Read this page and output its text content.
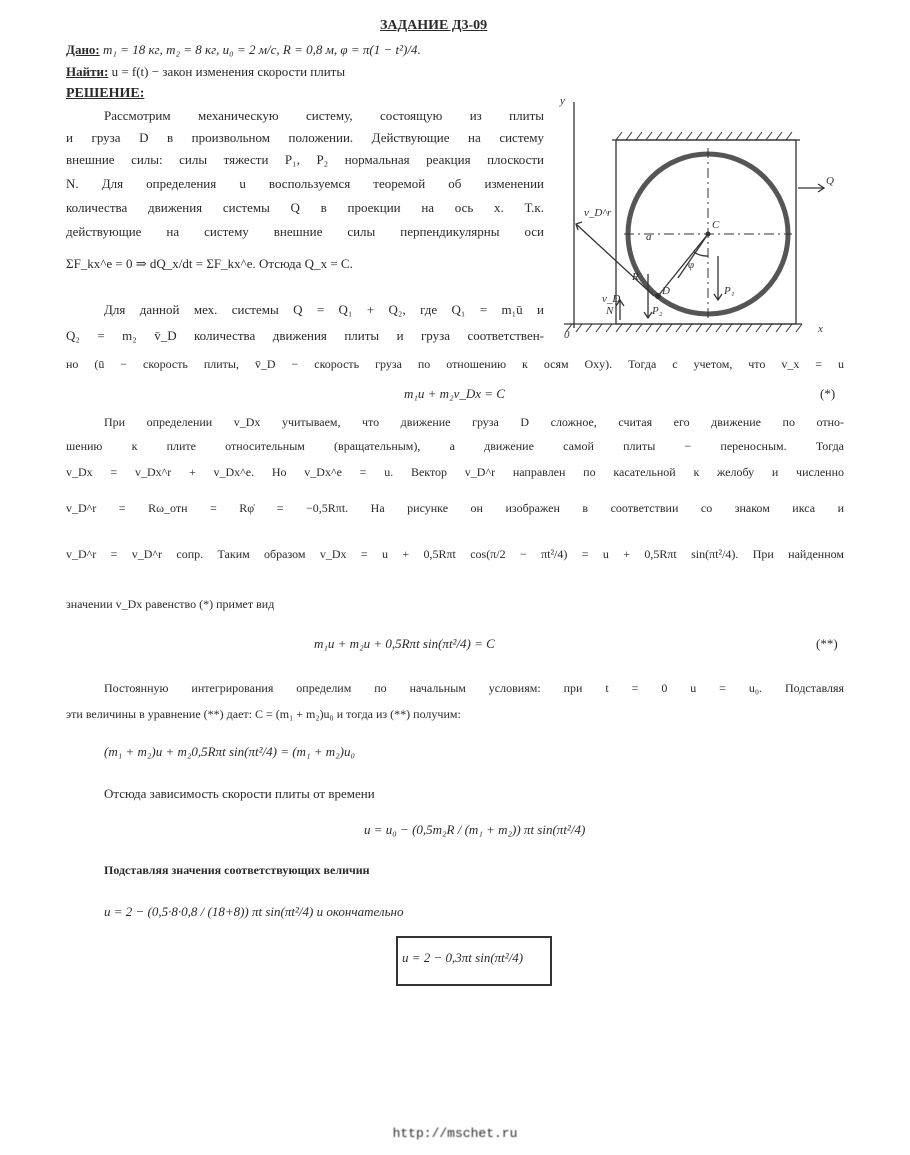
ЗАДАНИЕ Д3-09
Дано: m₁ = 18 кг, m₂ = 8 кг, u₀ = 2 м/с, R = 0,8 м, φ = π(1 − t²)/4.
Найти: u = f(t) − закон изменения скорости плиты
РЕШЕНИЕ:
Рассмотрим механическую систему, состоящую из плиты
и груза D в произвольном положении. Действующие на систему
внешние силы: силы тяжести P₁, P₂ нормальная реакция плоскости
N. Для определения u воспользуемся теоремой об изменении
количества движения системы Q в проекции на ось x. Т.к.
действующие на систему внешние силы перпендикулярны оси
ΣF_kx^e = 0 ⇒ dQ_x/dt = ΣF_kx^e. Отсюда Q_x = C.
Для данной мех. системы Q = Q₁ + Q₂, где Q₁ = m₁ū и
Q₂ = m₂ v̄_D количества движения плиты и груза соответствен-
но (ū − скорость плиты, v̄_D − скорость груза по отношению к осям Oxy). Тогда с учетом, что v_x = u
m₁u + m₂v_Dx = C	(*)
При определении v_Dx учитываем, что движение груза D сложное, считая его движение по отно-
шению к плите относительным (вращательным), а движение самой плиты − переносным. Тогда
v_Dx = v_Dx^r + v_Dx^e. Но v_Dx^e = u. Вектор v_D^r направлен по касательной к желобу и численно
v_D^r = Rω_отн = Rφ̇ = −0,5Rπt. На рисунке он изображен в соответствии со знаком икса и
v_D^r = v_D^r сопр. Таким образом v_Dx = u + 0,5Rπt cos(π/2 − πt²/4) = u + 0,5Rπt sin(πt²/4). При найденном
значении v_Dx равенство (*) примет вид
m₁u + m₂u + 0,5Rπt sin(πt²/4) = C	(**)
Постоянную интегрирования определим по начальным условиям: при t = 0 u = u₀. Подставляя
эти величины в уравнение (**) дает: C = (m₁ + m₂)u₀ и тогда из (**) получим:
(m₁ + m₂)u + m₂0,5Rπt sin(πt²/4) = (m₁ + m₂)u₀
Отсюда зависимость скорости плиты от времени
u = u₀ − (0,5m₂R / (m₁ + m₂)) πt sin(πt²/4)
Подставляя значения соответствующих величин
u = 2 − (0,5·8·0,8 / (18+8)) πt sin(πt²/4) и окончательно
u = 2 − 0,3πt sin(πt²/4)
y
Q
x
C
a
D
R
φ
P₁
P₂
N
v_D^r
v_D
0
http://mschet.ru
